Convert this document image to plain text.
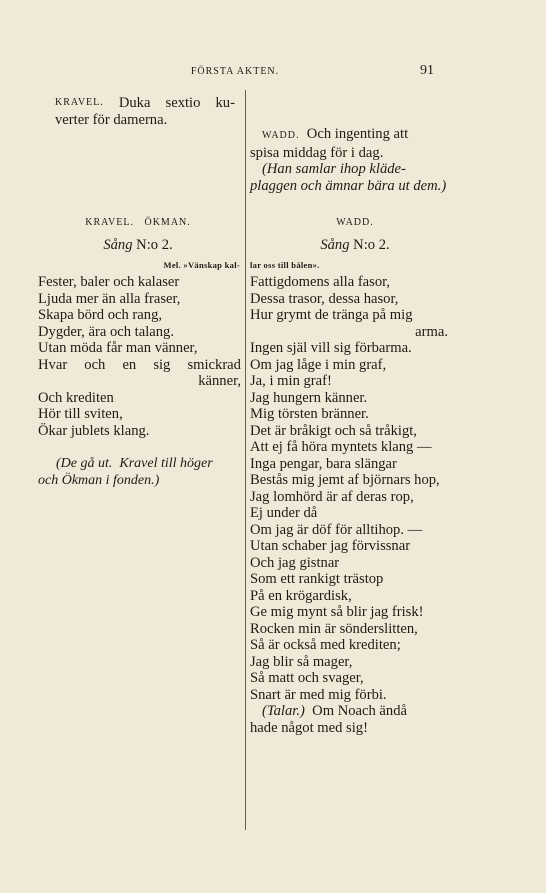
FÖRSTA AKTEN.	91
KRAVEL. Duka sextio ku-
verter för damerna.
KRAVEL.   ÖKMAN.
Sång N:o 2.
Mel. »Vänskap kal-
Fester, baler och kalaser
Ljuda mer än alla fraser,
Skapa börd och rang,
Dygder, ära och talang.
Utan möda får man vänner,
Hvar och en sig smickrad
känner,
Och krediten
Hör till sviten,
Ökar jublets klang.
(De gå ut. Kravel till höger
och Ökman i fonden.)
WADD. Och ingenting att
spisa middag för i dag.
(Han samlar ihop kläde-
plaggen och ämnar bära ut dem.)
WADD.
Sång N:o 2.
lar oss till bålen».
Fattigdomens alla fasor,
Dessa trasor, dessa hasor,
Hur grymt de tränga på mig
arma.
Ingen själ vill sig förbarma.
Om jag låge i min graf,
Ja, i min graf!
Jag hungern känner.
Mig törsten bränner.
Det är bråkigt och så tråkigt,
Att ej få höra myntets klang —
Inga pengar, bara slängar
Bestås mig jemt af björnars hop,
Jag lomhörd är af deras rop,
Ej under då
Om jag är döf för alltihop. —
Utan schaber jag förvissnar
Och jag gistnar
Som ett rankigt trästop
På en krögardisk,
Ge mig mynt så blir jag frisk!
Rocken min är sönderslitten,
Så är också med krediten;
Jag blir så mager,
Så matt och svager,
Snart är med mig förbi.
(Talar.) Om Noach ändå
hade något med sig!
